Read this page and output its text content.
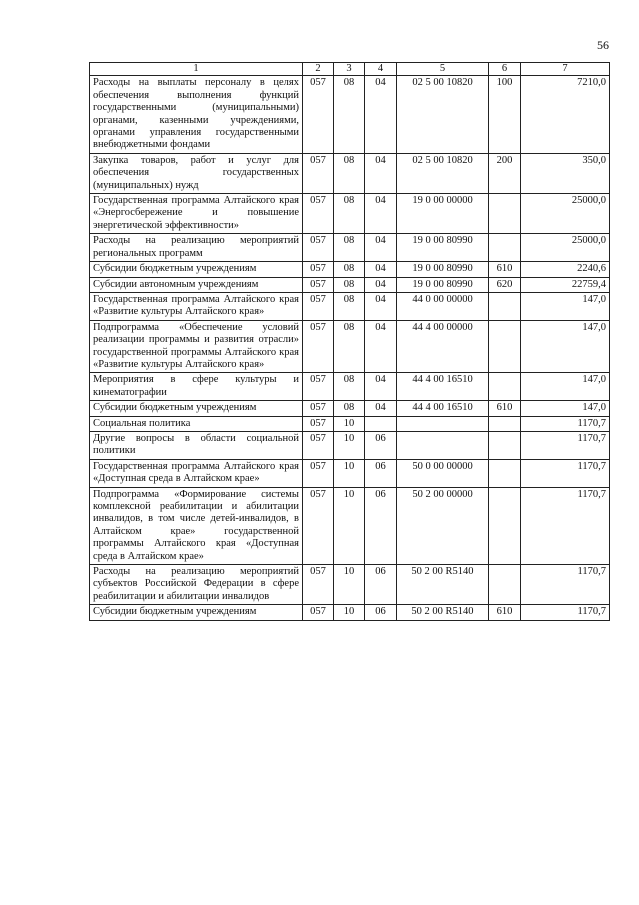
56
1	2	3	4	5	6	7
Расходы на выплаты персоналу в целях обеспечения выполнения функций государственными (муниципальными) органами, казенными учреждениями, органами управления государственными внебюджетными фондами	057	08	04	02 5 00 10820	100	7210,0
Закупка товаров, работ и услуг для обеспечения государственных (муниципальных) нужд	057	08	04	02 5 00 10820	200	350,0
Государственная программа Алтайского края «Энергосбережение и повышение энергетической эффективности»	057	08	04	19 0 00 00000		25000,0
Расходы на реализацию мероприятий региональных программ	057	08	04	19 0 00 80990		25000,0
Субсидии бюджетным учреждениям	057	08	04	19 0 00 80990	610	2240,6
Субсидии автономным учреждениям	057	08	04	19 0 00 80990	620	22759,4
Государственная программа Алтайского края «Развитие культуры Алтайского края»	057	08	04	44 0 00 00000		147,0
Подпрограмма «Обеспечение условий реализации программы и развития отрасли» государственной программы Алтайского края «Развитие культуры Алтайского края»	057	08	04	44 4 00 00000		147,0
Мероприятия в сфере культуры и кинематографии	057	08	04	44 4 00 16510		147,0
Субсидии бюджетным учреждениям	057	08	04	44 4 00 16510	610	147,0
Социальная политика	057	10				1170,7
Другие вопросы в области социальной политики	057	10	06			1170,7
Государственная программа Алтайского края «Доступная среда в Алтайском крае»	057	10	06	50 0 00 00000		1170,7
Подпрограмма «Формирование системы комплексной реабилитации и абилитации инвалидов, в том числе детей-инвалидов, в Алтайском крае» государственной программы Алтайского края «Доступная среда в Алтайском крае»	057	10	06	50 2 00 00000		1170,7
Расходы на реализацию мероприятий субъектов Российской Федерации в сфере реабилитации и абилитации инвалидов	057	10	06	50 2 00 R5140		1170,7
Субсидии бюджетным учреждениям	057	10	06	50 2 00 R5140	610	1170,7
